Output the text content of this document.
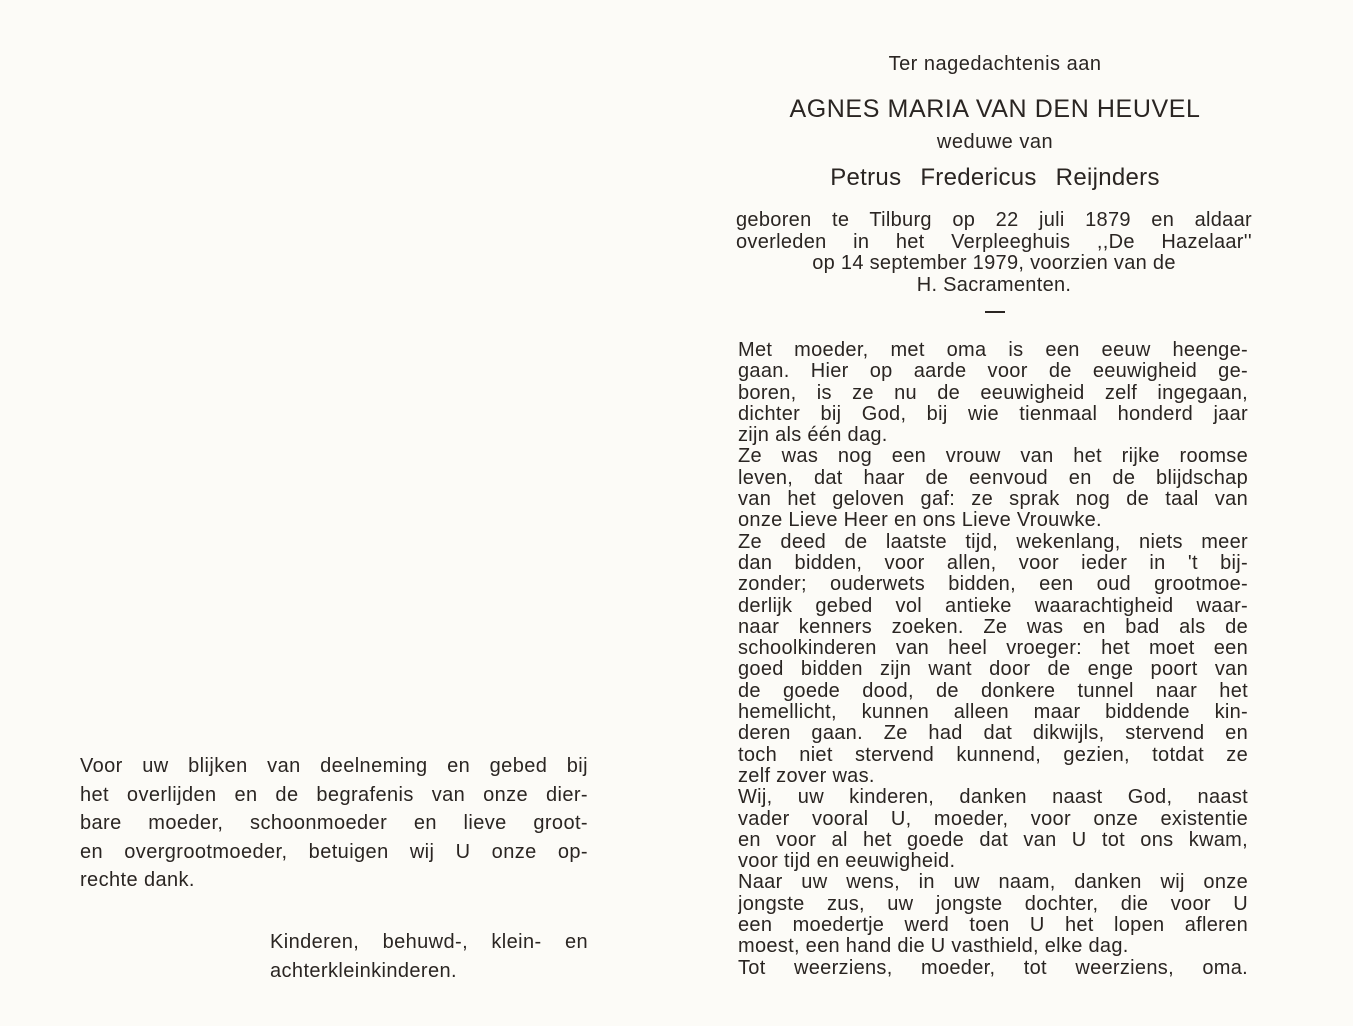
Ter nagedachtenis aan

AGNES MARIA VAN DEN HEUVEL

weduwe van

Petrus Fredericus Reijnders

geboren te Tilburg op 22 juli 1879 en aldaar
overleden in het Verpleeghuis ,,De Hazelaar''
op 14 september 1979, voorzien van de
H. Sacramenten.
Met moeder, met oma is een eeuw heenge-
gaan. Hier op aarde voor de eeuwigheid ge-
boren, is ze nu de eeuwigheid zelf ingegaan,
dichter bij God, bij wie tienmaal honderd jaar
zijn als één dag.
Ze was nog een vrouw van het rijke roomse
leven, dat haar de eenvoud en de blijdschap
van het geloven gaf: ze sprak nog de taal van
onze Lieve Heer en ons Lieve Vrouwke.
Ze deed de laatste tijd, wekenlang, niets meer
dan bidden, voor allen, voor ieder in 't bij-
zonder; ouderwets bidden, een oud grootmoe-
derlijk gebed vol antieke waarachtigheid waar-
naar kenners zoeken. Ze was en bad als de
schoolkinderen van heel vroeger: het moet een
goed bidden zijn want door de enge poort van
de goede dood, de donkere tunnel naar het
hemellicht, kunnen alleen maar biddende kin-
deren gaan. Ze had dat dikwijls, stervend en
toch niet stervend kunnend, gezien, totdat ze
zelf zover was.
Wij, uw kinderen, danken naast God, naast
vader vooral U, moeder, voor onze existentie
en voor al het goede dat van U tot ons kwam,
voor tijd en eeuwigheid.
Naar uw wens, in uw naam, danken wij onze
jongste zus, uw jongste dochter, die voor U
een moedertje werd toen U het lopen afleren
moest, een hand die U vasthield, elke dag.
Tot weerziens, moeder, tot weerziens, oma.
Voor uw blijken van deelneming en gebed bij
het overlijden en de begrafenis van onze dier-
bare moeder, schoonmoeder en lieve groot-
en overgrootmoeder, betuigen wij U onze op-
rechte dank.
Kinderen, behuwd-, klein- en
achterkleinkinderen.
